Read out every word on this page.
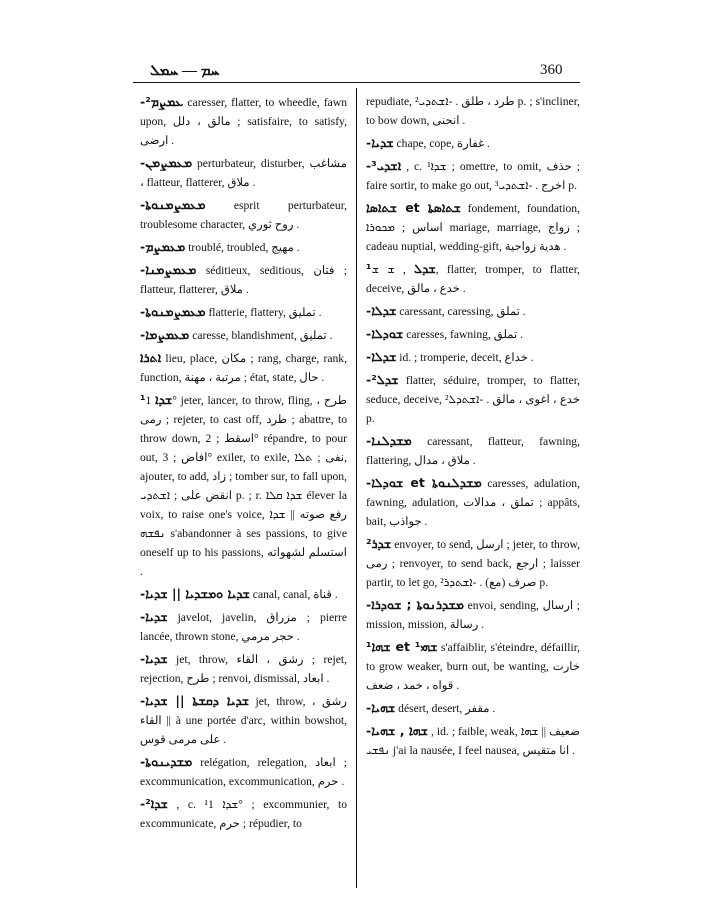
ܚܡ — ܚܡܠ	360
-ܥܡܨܡ² caresser, flatter, to wheedle, fawn upon, مالق ، دلل ; satisfaire, to satisfy, ارضى .
-ܡܥܡܨܡܢ perturbateur, disturber, مشاغب ، flatteur, flatterer, ملاق .
-ܡܥܡܨܡܢܘܬܐ esprit perturbateur, troublesome character, روح ثوري .
-ܡܥܡܨܡ troublé, troubled, مهيج .
-ܡܥܡܨܡܢܐ séditieux, seditious, فتان ; flatteur, flatterer, ملاق .
-ܡܥܡܨܡܢܘܬܐ flatterie, flattery, تمليق .
-ܡܥܡܨܡܐ caresse, blandishment, تمليق .
ܐܬܪܐ lieu, place, مكان ; rang, charge, rank, function, مرتبة ، مهنة ; état, state, حال .
¹ܫܕܐ 1° jeter, lancer, to throw, fling, طرح ، رمى ; rejeter, to cast off, طرد ; abattre, to throw down, اسقط ; 2° répandre, to pour out, افاض ; 3° exiler, to exile, نفى ; ܬܠܐ, ajouter, to add, زاد ; tomber sur, to fall upon, انقض على ; ܐܫܬܕܝ p. ; r. ܫܕܐ ܩܠܐ élever la voix, to raise one's voice, رفع صوته || ܫܕܐ ܢܦܫܗ s'abandonner à ses passions, to give oneself up to his passions, استسلم لشهواته .
-ܫܕܝܐ ܘܡܫܕܝܐ || ܫܕܝܐ canal, canal, قناة .
-ܫܕܝܐ javelot, javelin, مزراق ; pierre lancée, thrown stone, حجر مرمي .
-ܫܕܝܐ jet, throw, رشق ، القاء ; rejet, rejection, طرح ; renvoi, dismissal, ابعاد .
-ܫܕܝܐ ܕܩܫܬܐ || ܫܕܝܐ jet, throw, رشق ، القاء || à une portée d'arc, within bowshot, على مرمى قوس .
-ܡܫܕܝܢܘܬܐ relégation, relegation, ابعاد ; excommunication, excommunication, حرم .
-ܫܕܐ² , c. ¹ܫܕܐ 1° ; excommunier, to excommunicate, حرم ; répudier, to
repudiate, طرد ، طلق . -ܐܫܬܕܝ² p. ; s'incliner, to bow down, انحنى .
-ܫܕܝܐ chape, cope, غفارة .
-ܐܫܕܝ³ , c. ¹ܫܕܐ ; omettre, to omit, حذف ; faire sortir, to make go out, اخرج . -ܐܫܬܕܝ³ p.
ܫܬܐܣܐ et ܫܬܐܣܬܐ fondement, foundation, اساس ; ܡܟܘܪܐ mariage, marriage, زواج ; cadeau nuptial, wedding-gift, هدية زواجية .
¹ܫܕܠ , ܫ ܫ, flatter, tromper, to flatter, deceive, خدع ، مالق .
-ܫܕܠܐ caressant, caressing, تملق .
-ܫܘܕܠܐ caresses, fawning, تملق .
-ܫܕܠܐ id. ; tromperie, deceit, خداع .
-ܫܕܠ² flatter, séduire, tromper, to flatter, seduce, deceive, خدع ، اغوى ، مالق . -ܐܫܬܕܠ² p.
-ܡܫܕܠܢܐ caressant, flatteur, fawning, flattering, ملاق ، مدال .
-ܫܘܕܠܐ et ܡܫܕܠܢܘܬܐ caresses, adulation, fawning, adulation, تملق ، مدالات ; appâts, bait, جواذب .
²ܫܕܪ envoyer, to send, ارسل ; jeter, to throw, رمى ; renvoyer, to send back, ارجع ; laisser partir, to let go, صرف (مع) . -ܐܫܬܕܪ² p.
-ܡܫܕܪܢܘܬܐ ; ܫܘܕܪܐ envoi, sending, ارسال ; mission, mission, رسالة .
¹ܫܗܐ et ¹ܫܗܝ s'affaiblir, s'éteindre, défaillir, to grow weaker, burn out, be wanting, خارت قواه ، خمد ، ضعف .
-ܫܗܝܐ désert, desert, مقفر .
-ܫܗܐ , ܫܗܝܐ , id. ; faible, weak, ضعيف || ܫܗܐ ܢܦܫܝ j'ai la nausée, I feel nausea, انا متقيس .
